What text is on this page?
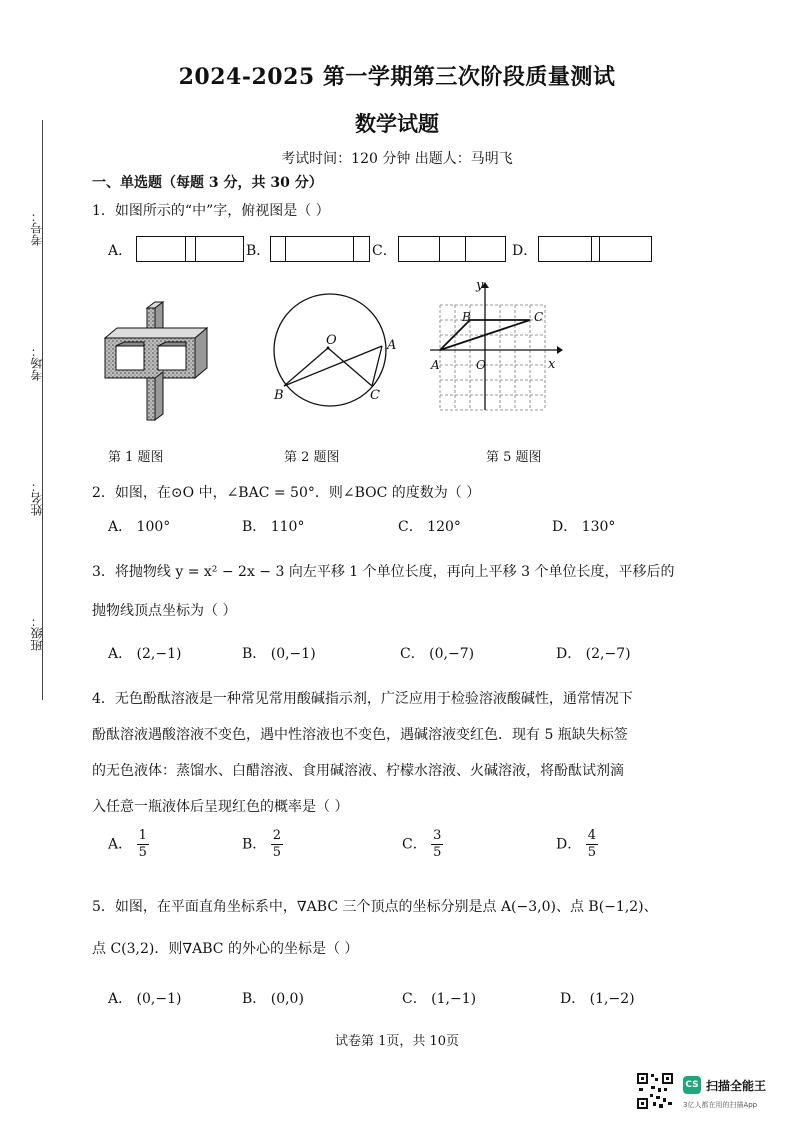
考号：
考场：
姓名：
班级：
2024-2025 第一学期第三次阶段质量测试
数学试题
考试时间：120 分钟 出题人：马明飞
一、单选题（每题 3 分，共 30 分）
1．如图所示的“中”字，俯视图是（ ）
A．	B．	C．	D．
O	A
B	C
y
x
A
B	C
O
第 1 题图	第 2 题图	第 5 题图
2．如图，在⊙O 中，∠BAC = 50°．则∠BOC 的度数为（ ）
A． 100°	B． 110°	C． 120°	D． 130°
3．将抛物线 y = x² − 2x − 3 向左平移 1 个单位长度，再向上平移 3 个单位长度，平移后的
抛物线顶点坐标为（ ）
A． (2,−1)	B． (0,−1)	C． (0,−7)	D． (2,−7)
4．无色酚酞溶液是一种常见常用酸碱指示剂，广泛应用于检验溶液酸碱性，通常情况下
酚酞溶液遇酸溶液不变色，遇中性溶液也不变色，遇碱溶液变红色．现有 5 瓶缺失标签
的无色液体：蒸馏水、白醋溶液、食用碱溶液、柠檬水溶液、火碱溶液，将酚酞试剂滴
入任意一瓶液体后呈现红色的概率是（ ）
A． $\frac{1}{5}$	B． $\frac{2}{5}$	C． $\frac{3}{5}$	D． $\frac{4}{5}$
5．如图，在平面直角坐标系中，∇ABC 三个顶点的坐标分别是点 A(−3,0)、点 B(−1,2)、
点 C(3,2)．则∇ABC 的外心的坐标是（ ）
A． (0,−1)	B． (0,0)	C． (1,−1)	D． (1,−2)
试卷第 1页，共 10页
CS 扫描全能王
3亿人都在用的扫描App
